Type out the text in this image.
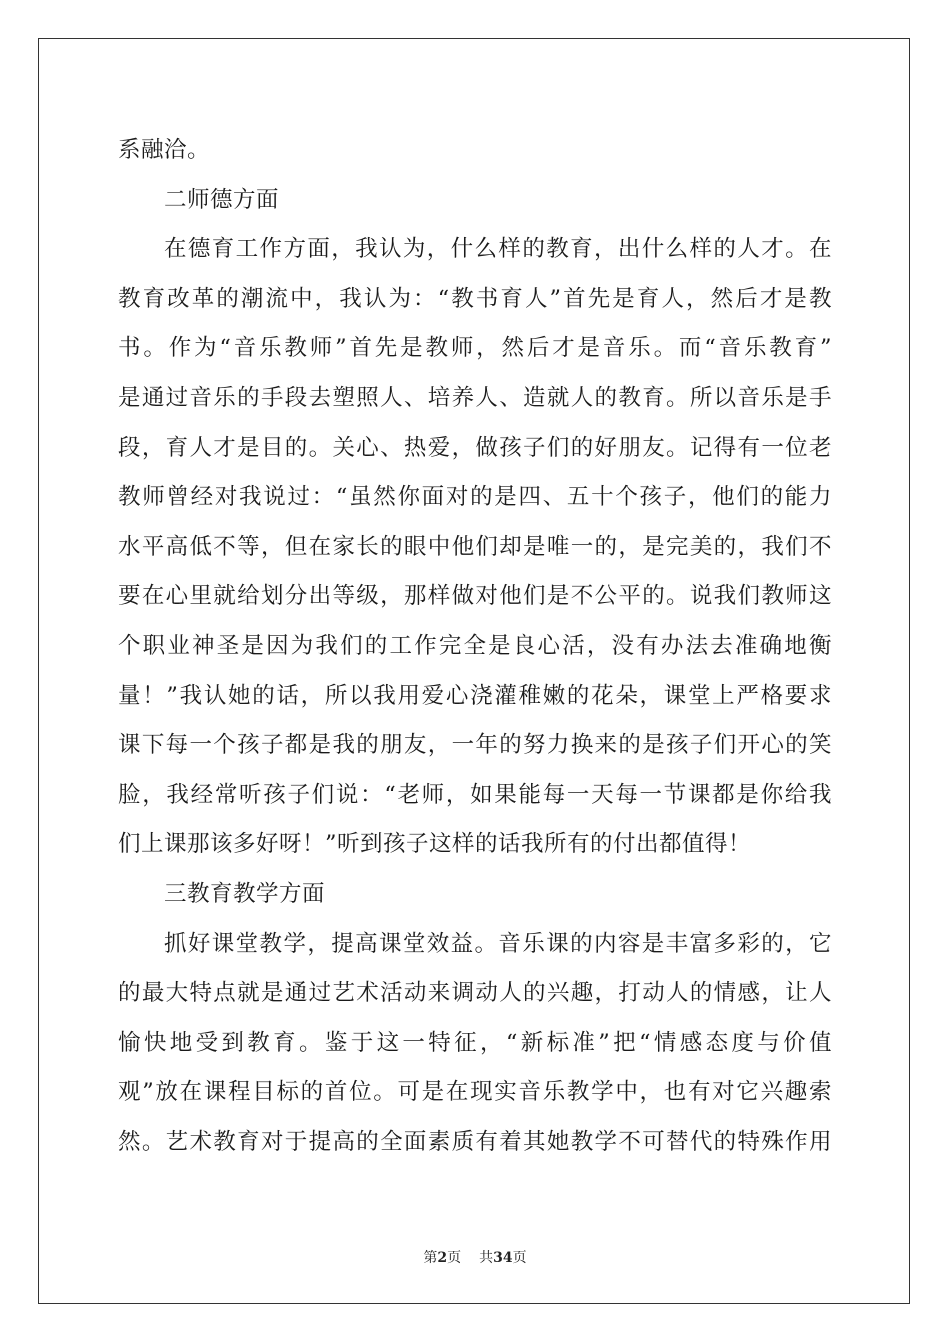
系融洽。
二师德方面
在德育工作方面，我认为，什么样的教育，出什么样的人才。在
教育改革的潮流中，我认为：“教书育人”首先是育人，然后才是教
书。作为“音乐教师”首先是教师，然后才是音乐。而“音乐教育”
是通过音乐的手段去塑照人、培养人、造就人的教育。所以音乐是手
段，育人才是目的。关心、热爱，做孩子们的好朋友。记得有一位老
教师曾经对我说过：“虽然你面对的是四、五十个孩子，他们的能力
水平高低不等，但在家长的眼中他们却是唯一的，是完美的，我们不
要在心里就给划分出等级，那样做对他们是不公平的。说我们教师这
个职业神圣是因为我们的工作完全是良心活，没有办法去准确地衡
量！”我认她的话，所以我用爱心浇灌稚嫩的花朵，课堂上严格要求
课下每一个孩子都是我的朋友，一年的努力换来的是孩子们开心的笑
脸，我经常听孩子们说：“老师，如果能每一天每一节课都是你给我
们上课那该多好呀！”听到孩子这样的话我所有的付出都值得！
三教育教学方面
抓好课堂教学，提高课堂效益。音乐课的内容是丰富多彩的，它
的最大特点就是通过艺术活动来调动人的兴趣，打动人的情感，让人
愉快地受到教育。鉴于这一特征，“新标准”把“情感态度与价值
观”放在课程目标的首位。可是在现实音乐教学中，也有对它兴趣索
然。艺术教育对于提高的全面素质有着其她教学不可替代的特殊作用
第2页 共34页
